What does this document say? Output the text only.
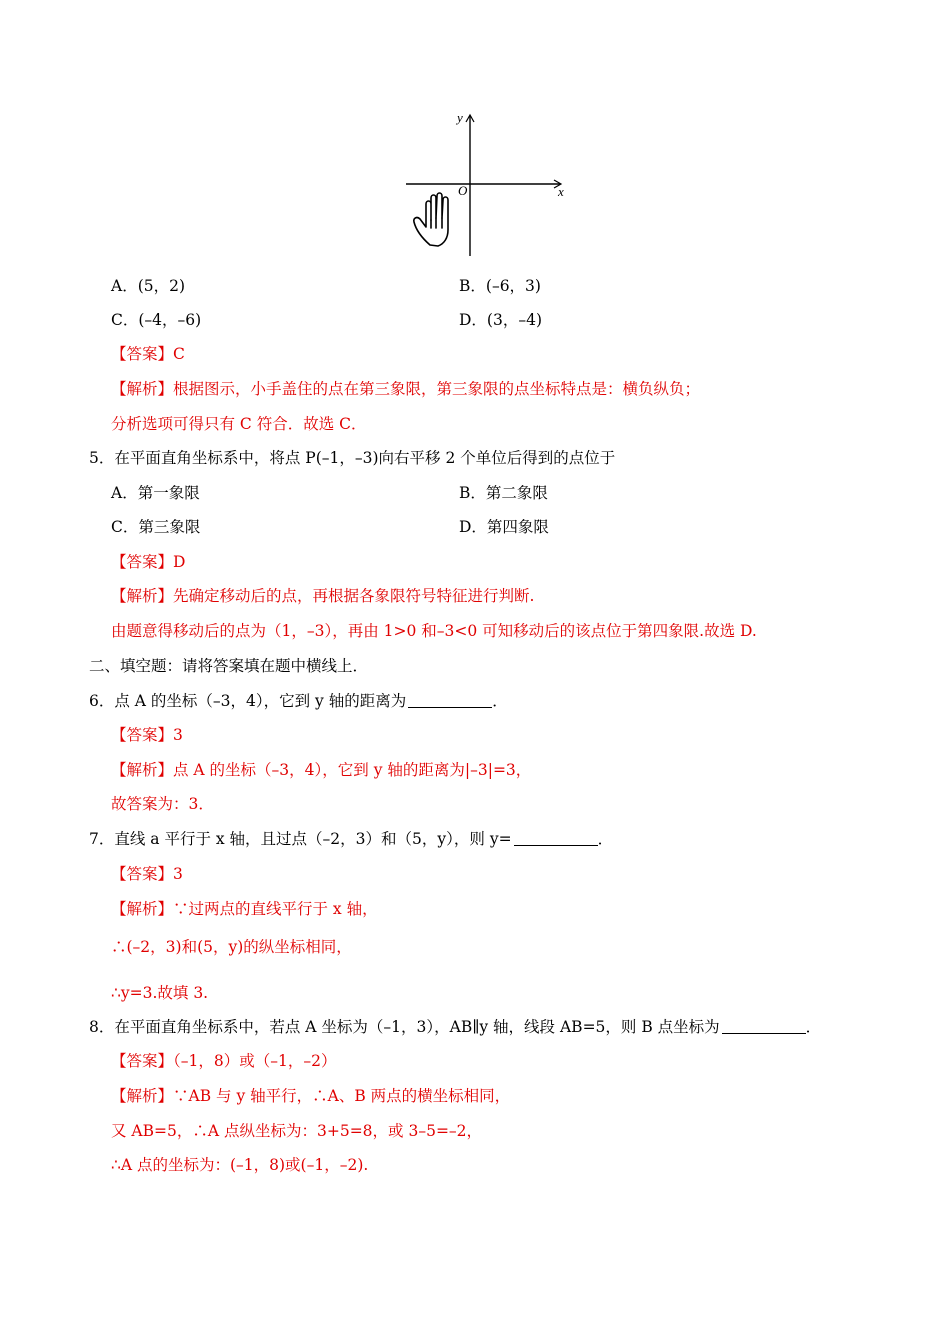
y
x
O
A．(5，2)	B．(–6，3)
C．(–4，–6)	D．(3，–4)
【答案】C
【解析】根据图示，小手盖住的点在第三象限，第三象限的点坐标特点是：横负纵负；
分析选项可得只有 C 符合．故选 C．
5．在平面直角坐标系中，将点 P(–1，–3)向右平移 2 个单位后得到的点位于
A．第一象限	B．第二象限
C．第三象限	D．第四象限
【答案】D
【解析】先确定移动后的点，再根据各象限符号特征进行判断.
由题意得移动后的点为（1，–3），再由 1>0 和–3<0 可知移动后的该点位于第四象限.故选 D.
二、填空题：请将答案填在题中横线上．
6．点 A 的坐标（–3，4），它到 y 轴的距离为	．
【答案】3
【解析】点 A 的坐标（–3，4），它到 y 轴的距离为|–3|=3，
故答案为：3．
7．直线 a 平行于 x 轴，且过点（–2，3）和（5，y），则 y=	．
【答案】3
【解析】∵过两点的直线平行于 x 轴，
∴(–2，3)和(5，y)的纵坐标相同，
∴y=3.故填 3.
8．在平面直角坐标系中，若点 A 坐标为（–1，3），AB∥y 轴，线段 AB=5，则 B 点坐标为	．
【答案】（–1，8）或（–1，–2）
【解析】∵AB 与 y 轴平行，∴A、B 两点的横坐标相同，
又 AB=5，∴A 点纵坐标为：3+5=8，或 3–5=–2，
∴A 点的坐标为：(–1，8)或(–1，–2).
